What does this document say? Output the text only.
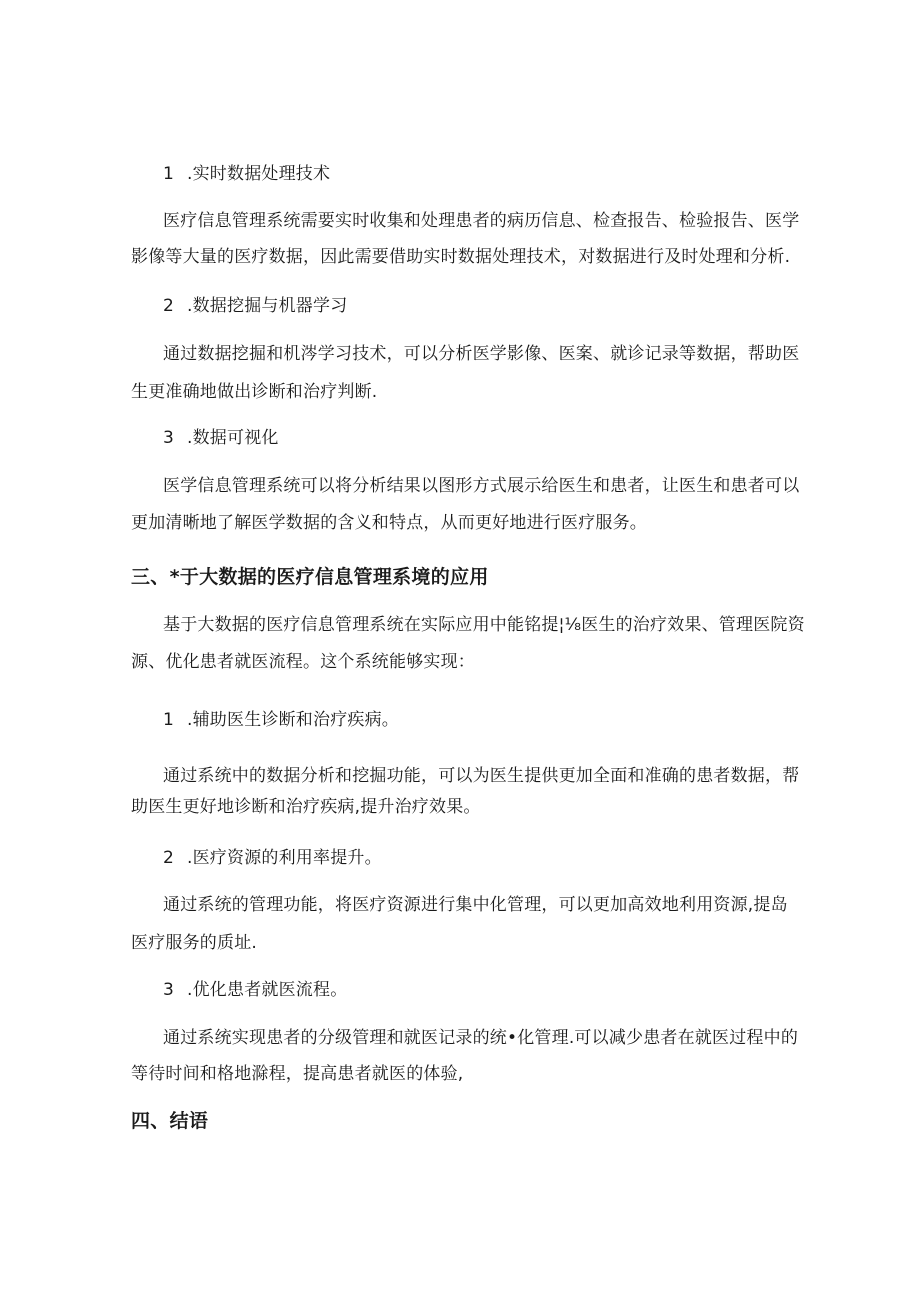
1 .实时数据处理技术
医疗信息管理系统需要实时收集和处理患者的病历信息、检查报告、检验报告、医学
影像等大量的医疗数据，因此需要借助实时数据处理技术，对数据进行及时处理和分析.
2 .数据挖掘与机器学习
通过数据挖掘和机涔学习技术，可以分析医学影像、医案、就诊记录等数据，帮助医
生更准确地做出诊断和治疗判断.
3 .数据可视化
医学信息管理系统可以将分析结果以图形方式展示给医生和患者，让医生和患者可以
更加清晰地了解医学数据的含义和特点，从而更好地进行医疗服务。
三、*于大数据的医疗信息管理系境的应用
基于大数据的医疗信息管理系统在实际应用中能铭提¦⅛医生的治疗效果、管理医院资
源、优化患者就医流程。这个系统能够实现：
1 .辅助医生诊断和治疗疾病。
通过系统中的数据分析和挖掘功能，可以为医生提供更加全面和准确的患者数据，帮
助医生更好地诊断和治疗疾病,提升治疗效果。
2 .医疗资源的利用率提升。
通过系统的管理功能，将医疗资源进行集中化管理，可以更加高效地利用资源,提岛
医疗服务的质址.
3 .优化患者就医流程。
通过系统实现患者的分级管理和就医记录的统•化管理.可以减少患者在就医过程中的
等待时间和格地滁程，提高患者就医的体验,
四、结语
